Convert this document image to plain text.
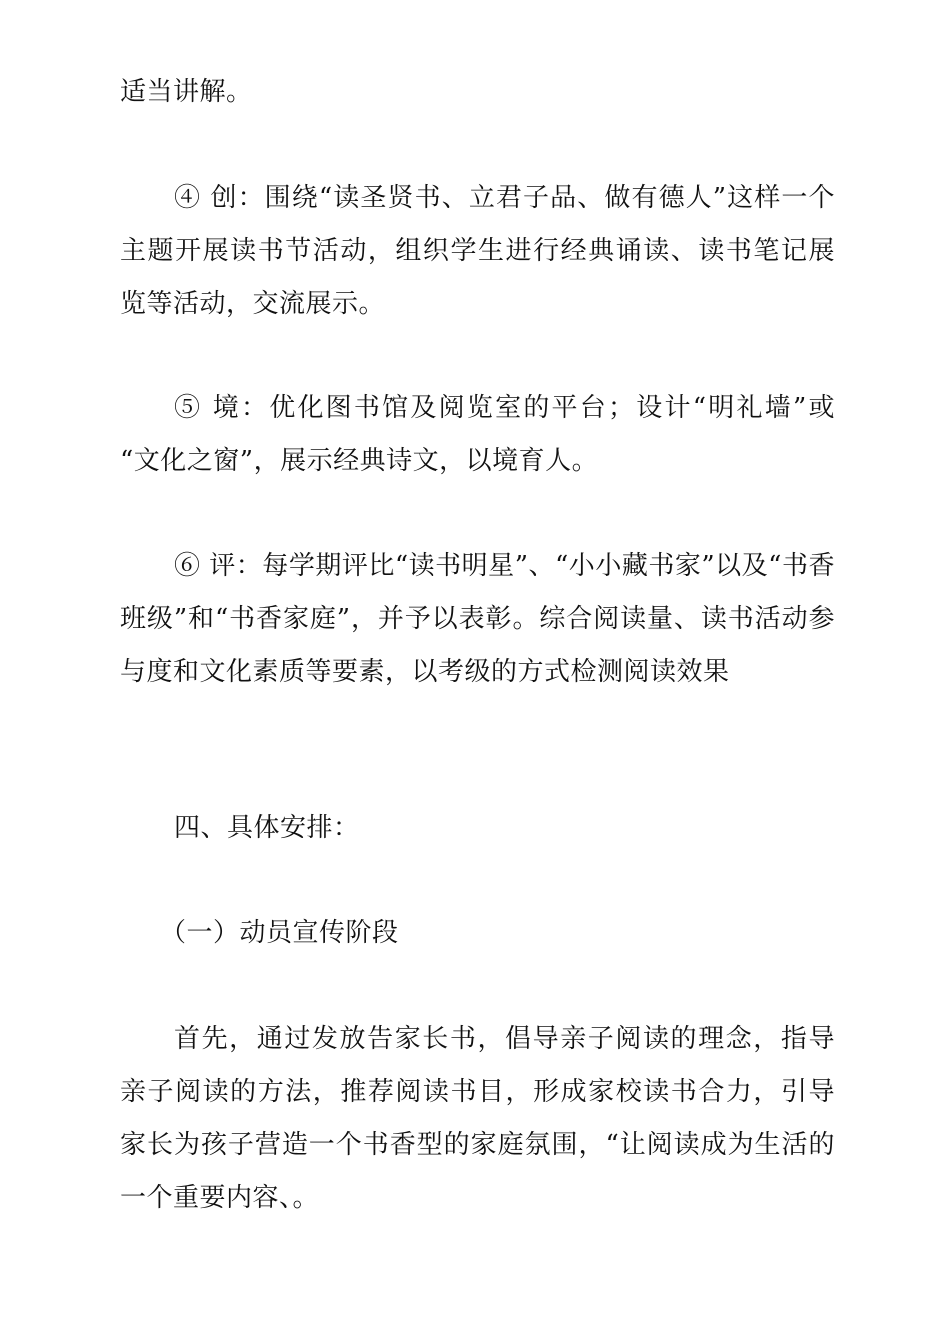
适当讲解。

④ 创：围绕“读圣贤书、立君子品、做有德人”这样一个主题开展读书节活动，组织学生进行经典诵读、读书笔记展览等活动，交流展示。

⑤ 境：优化图书馆及阅览室的平台；设计“明礼墙”或 “文化之窗”，展示经典诗文，以境育人。

⑥ 评：每学期评比“读书明星”、“小小藏书家”以及“书香班级”和“书香家庭”，并予以表彰。综合阅读量、读书活动参与度和文化素质等要素，以考级的方式检测阅读效果

四、具体安排：

（一）动员宣传阶段

首先，通过发放告家长书，倡导亲子阅读的理念，指导亲子阅读的方法，推荐阅读书目，形成家校读书合力，引导家长为孩子营造一个书香型的家庭氛围，“让阅读成为生活的一个重要内容、。
